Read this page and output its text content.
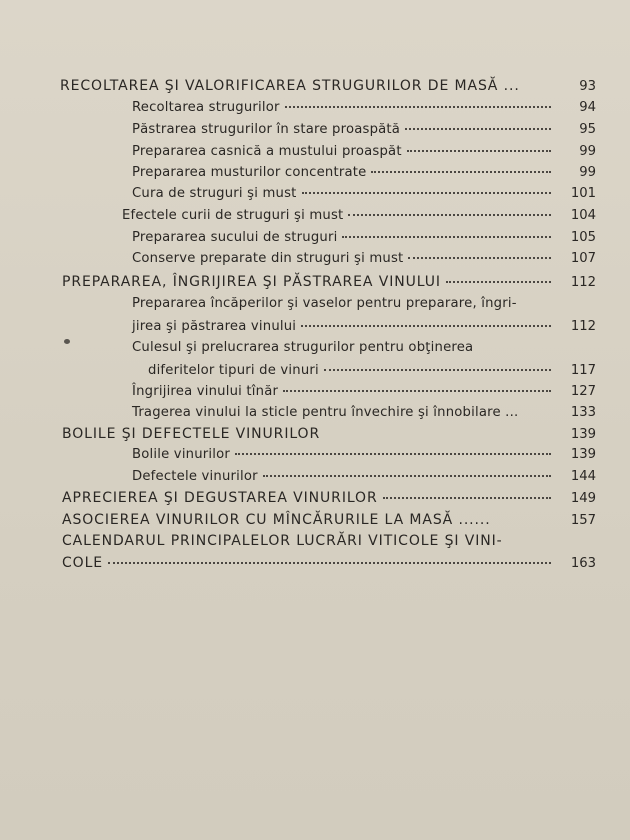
RECOLTAREA ŞI VALORIFICAREA STRUGURILOR DE MASĂ ...	93
Recoltarea strugurilor	94
Păstrarea strugurilor în stare proaspătă	95
Prepararea casnică a mustului proaspăt	99
Prepararea musturilor concentrate	99
Cura de struguri şi must	101
Efectele curii de struguri şi must	104
Prepararea sucului de struguri	105
Conserve preparate din struguri şi must	107
PREPARAREA, ÎNGRIJIREA ŞI PĂSTRAREA VINULUI	112
Prepararea încăperilor şi vaselor pentru preparare, îngri-
jirea şi păstrarea vinului	112
Culesul şi prelucrarea strugurilor pentru obţinerea
diferitelor tipuri de vinuri	117
Îngrijirea vinului tînăr	127
Tragerea vinului la sticle pentru învechire şi înnobilare ...	133
BOLILE ŞI DEFECTELE VINURILOR	139
Bolile vinurilor	139
Defectele vinurilor	144
APRECIEREA ŞI DEGUSTAREA VINURILOR	149
ASOCIEREA VINURILOR CU MÎNCĂRURILE LA MASĂ ......	157
CALENDARUL PRINCIPALELOR LUCRĂRI VITICOLE ŞI VINI-
COLE	163
